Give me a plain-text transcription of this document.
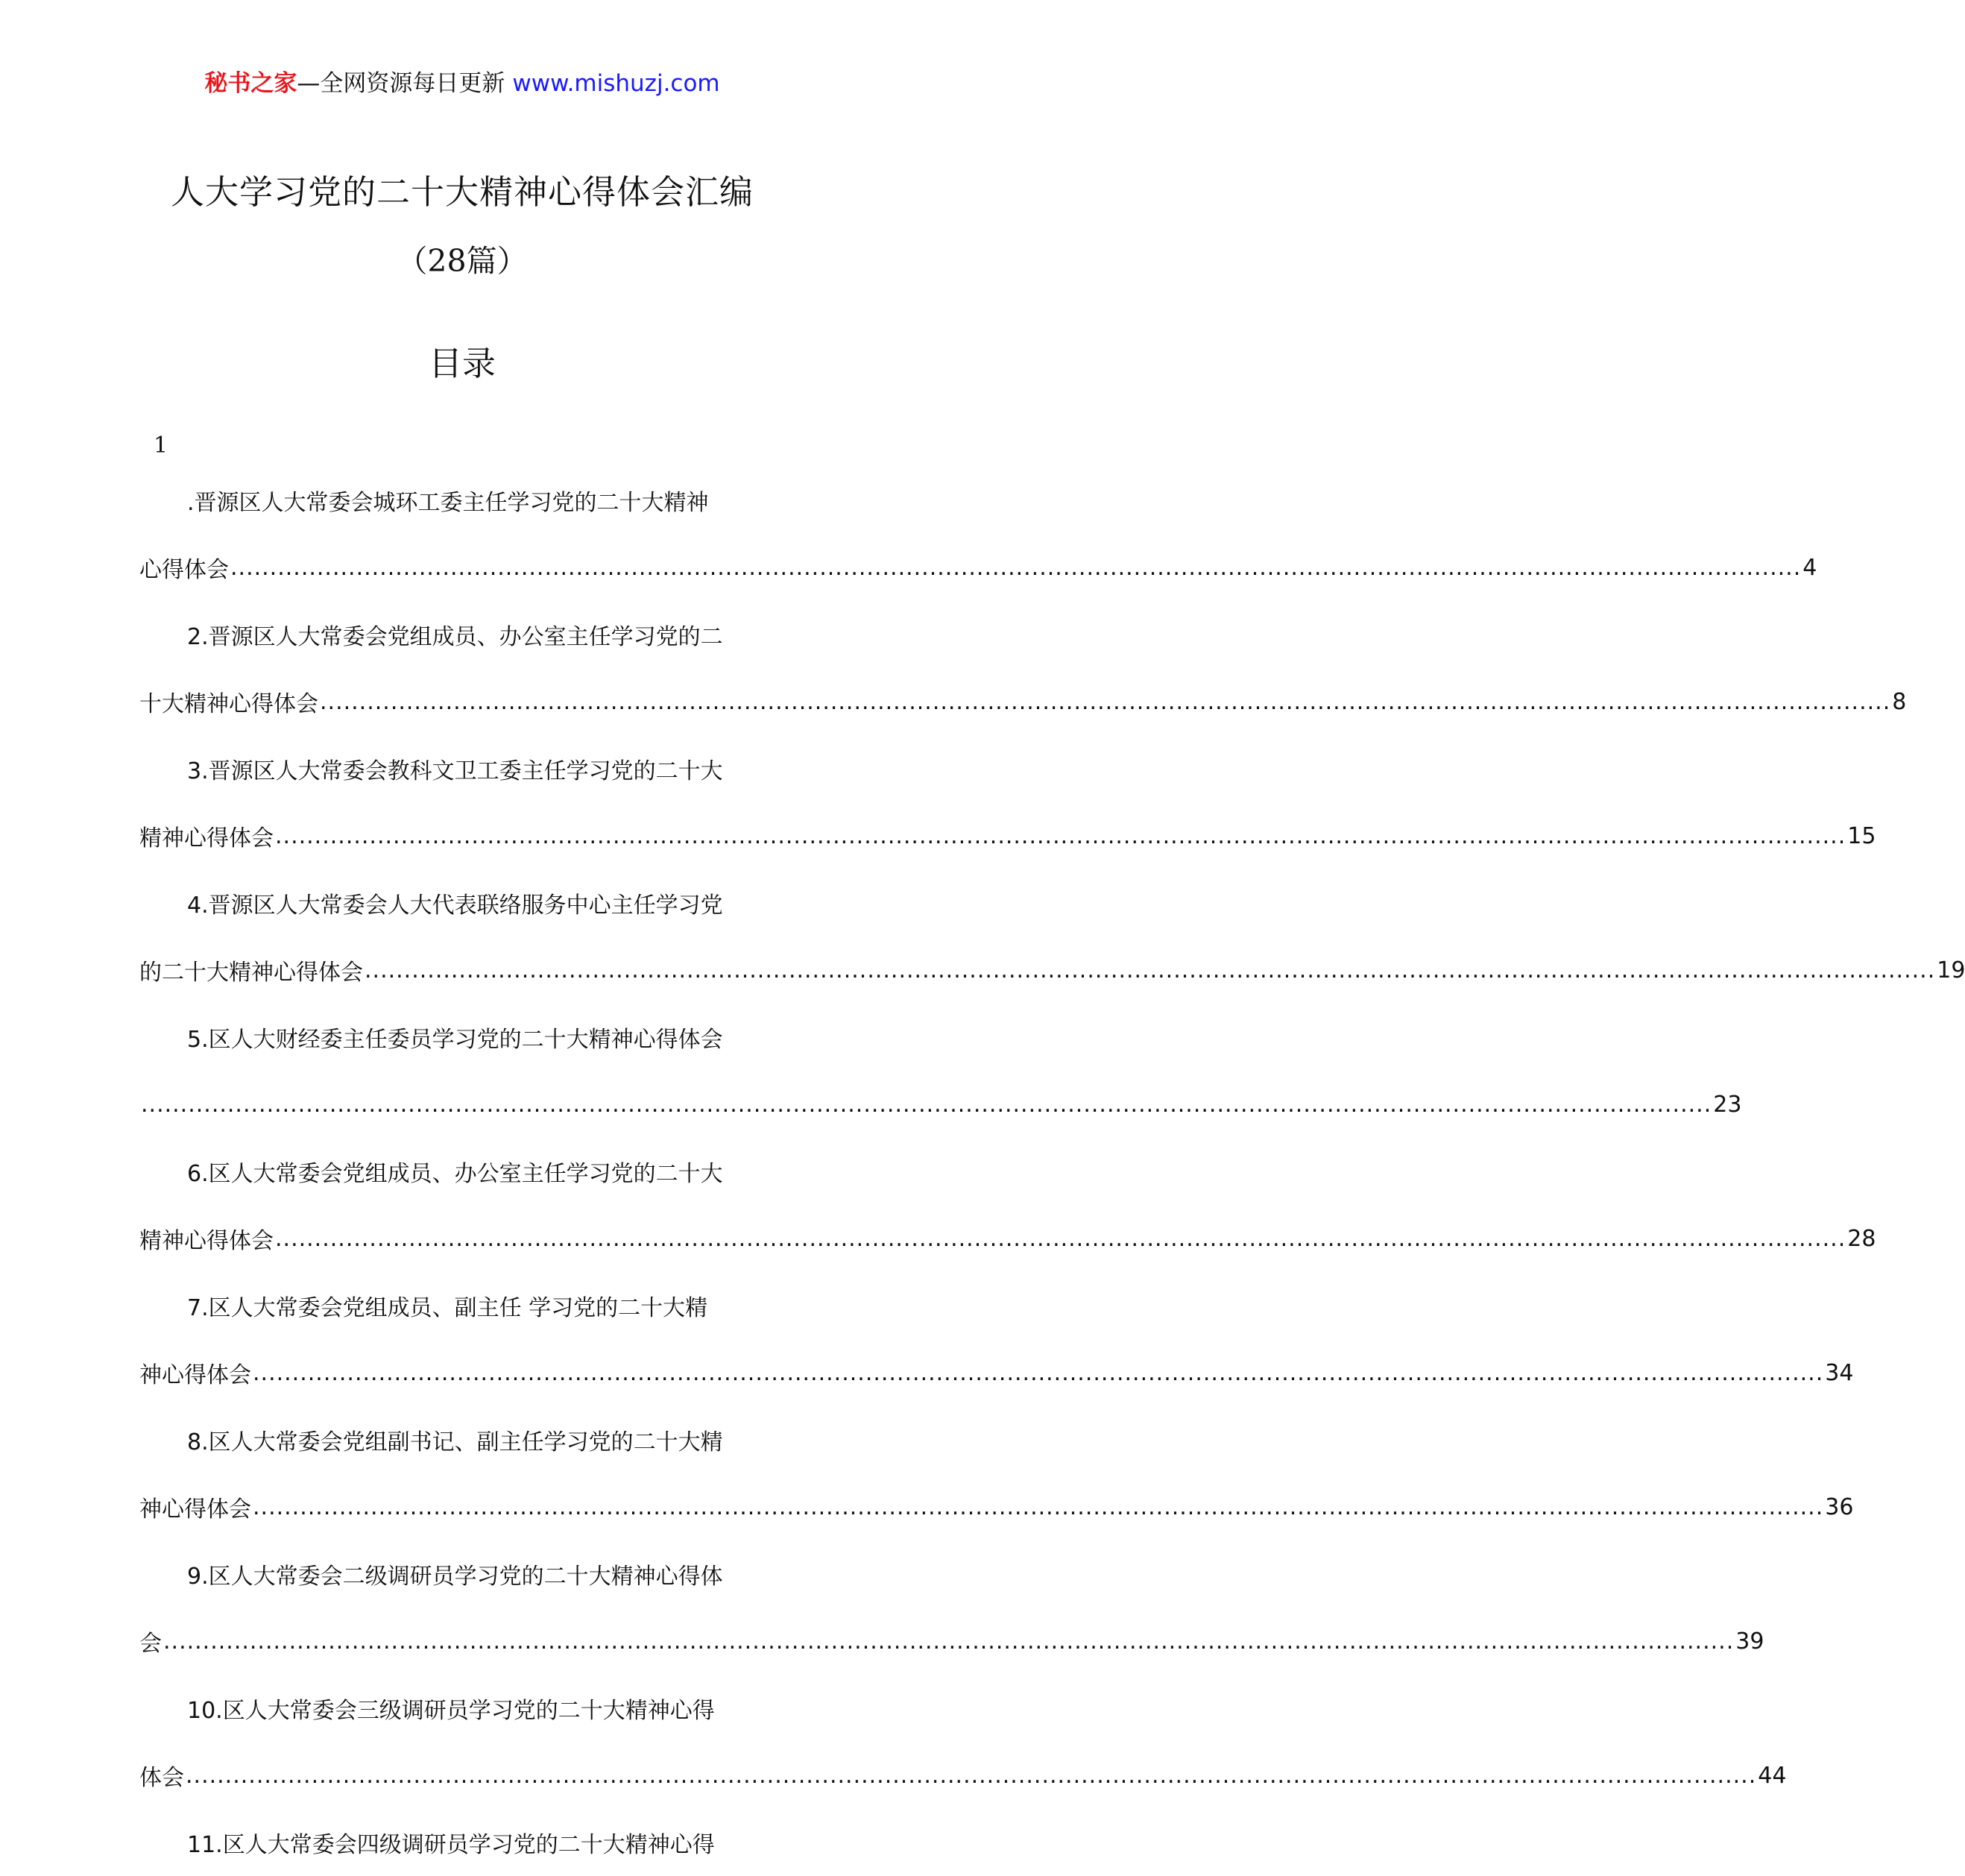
秘书之家—全网资源每日更新 www.mishuzj.com
人大学习党的二十大精神心得体会汇编
（28篇）
目录
1
.晋源区人大常委会城环工委主任学习党的二十大精神
心得体会 ........................................................................................................................................................................................................ 4
2.晋源区人大常委会党组成员、办公室主任学习党的二
十大精神心得体会 ........................................................................................................................................................................................................ 8
3.晋源区人大常委会教科文卫工委主任学习党的二十大
精神心得体会 ........................................................................................................................................................................................................ 15
4.晋源区人大常委会人大代表联络服务中心主任学习党
的二十大精神心得体会 ........................................................................................................................................................................................................ 19
5.区人大财经委主任委员学习党的二十大精神心得体会
........................................................................................................................................................................................................ 23
6.区人大常委会党组成员、办公室主任学习党的二十大
精神心得体会 ........................................................................................................................................................................................................ 28
7.区人大常委会党组成员、副主任 学习党的二十大精
神心得体会 ........................................................................................................................................................................................................ 34
8.区人大常委会党组副书记、副主任学习党的二十大精
神心得体会 ........................................................................................................................................................................................................ 36
9.区人大常委会二级调研员学习党的二十大精神心得体
会 ........................................................................................................................................................................................................ 39
10.区人大常委会三级调研员学习党的二十大精神心得
体会 ........................................................................................................................................................................................................ 44
11.区人大常委会四级调研员学习党的二十大精神心得
